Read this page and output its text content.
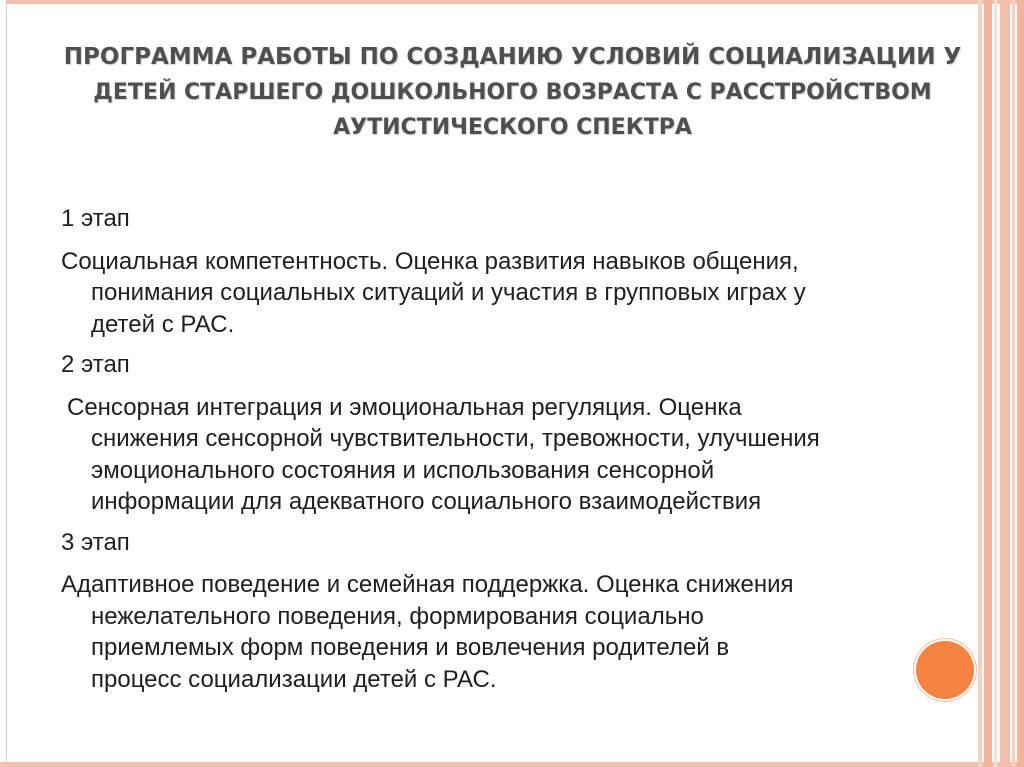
ПРОГРАММА РАБОТЫ ПО СОЗДАНИЮ УСЛОВИЙ СОЦИАЛИЗАЦИИ У
ДЕТЕЙ СТАРШЕГО ДОШКОЛЬНОГО ВОЗРАСТА С РАССТРОЙСТВОМ
АУТИСТИЧЕСКОГО СПЕКТРА

1 этап

Социальная компетентность. Оценка развития навыков общения,
понимания социальных ситуаций и участия в групповых играх у
детей с РАС.

2 этап

Сенсорная интеграция и эмоциональная регуляция. Оценка
снижения сенсорной чувствительности, тревожности, улучшения
эмоционального состояния и использования сенсорной
информации для адекватного социального взаимодействия

3 этап

Адаптивное поведение и семейная поддержка. Оценка снижения
нежелательного поведения, формирования социально
приемлемых форм поведения и вовлечения родителей в
процесс социализации детей с РАС.
